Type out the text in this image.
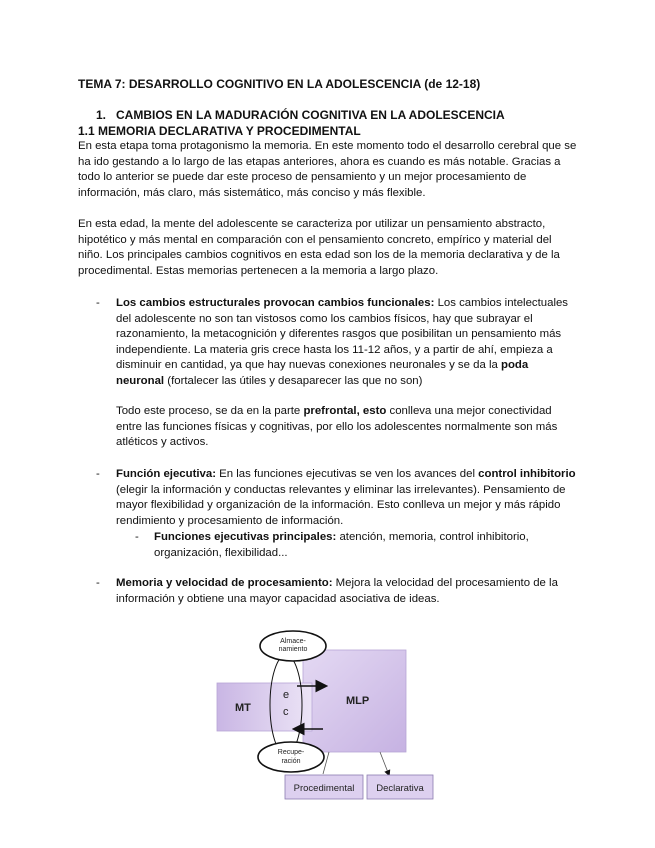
TEMA 7: DESARROLLO COGNITIVO EN LA ADOLESCENCIA (de 12-18)
1. CAMBIOS EN LA MADURACIÓN COGNITIVA EN LA ADOLESCENCIA
1.1 MEMORIA DECLARATIVA Y PROCEDIMENTAL

En esta etapa toma protagonismo la memoria. En este momento todo el desarrollo cerebral que se ha ido gestando a lo largo de las etapas anteriores, ahora es cuando es más notable. Gracias a todo lo anterior se puede dar este proceso de pensamiento y un mejor procesamiento de información, más claro, más sistemático, más conciso y más flexible.

En esta edad, la mente del adolescente se caracteriza por utilizar un pensamiento abstracto, hipotético y más mental en comparación con el pensamiento concreto, empírico y material del niño. Los principales cambios cognitivos en esta edad son los de la memoria declarativa y de la procedimental. Estas memorias pertenecen a la memoria a largo plazo.

-	Los cambios estructurales provocan cambios funcionales: Los cambios intelectuales del adolescente no son tan vistosos como los cambios físicos, hay que subrayar el razonamiento, la metacognición y diferentes rasgos que posibilitan un pensamiento más independiente. La materia gris crece hasta los 11-12 años, y a partir de ahí, empieza a disminuir en cantidad, ya que hay nuevas conexiones neuronales y se da la poda neuronal (fortalecer las útiles y desaparecer las que no son)

Todo este proceso, se da en la parte prefrontal, esto conlleva una mejor conectividad entre las funciones físicas y cognitivas, por ello los adolescentes normalmente son más atléticos y activos.

-	Función ejecutiva: En las funciones ejecutivas se ven los avances del control inhibitorio (elegir la información y conductas relevantes y eliminar las irrelevantes). Pensamiento de mayor flexibilidad y organización de la información. Esto conlleva un mejor y más rápido rendimiento y procesamiento de información.

- Funciones ejecutivas principales: atención, memoria, control inhibitorio, organización, flexibilidad...

-	Memoria y velocidad de procesamiento: Mejora la velocidad del procesamiento de la información y obtiene una mayor capacidad asociativa de ideas.

MT
MLP
e
c
Almace-
namiento
Recupe-
ración
Procedimental Declarativa
